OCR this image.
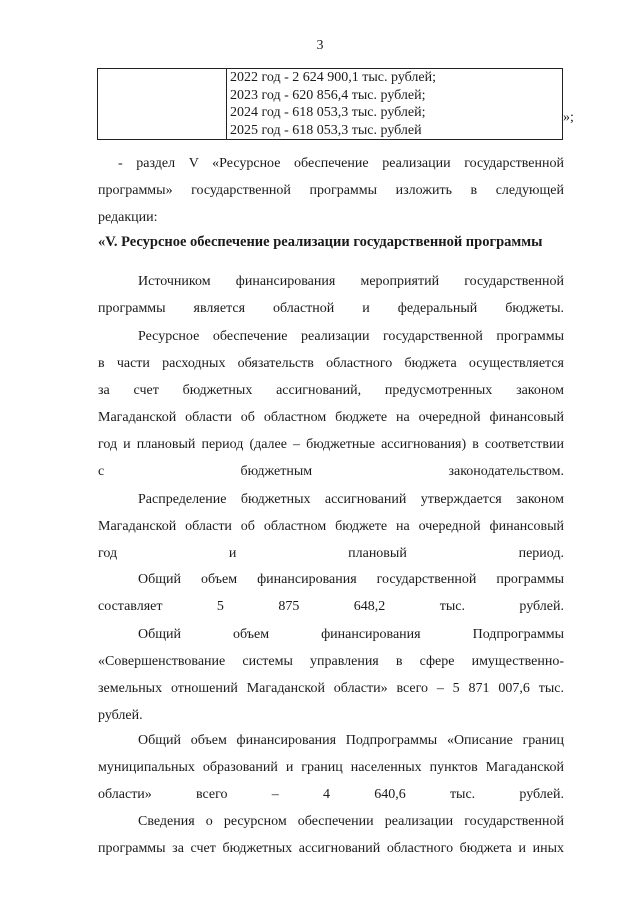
3

2022 год - 2 624 900,1 тыс. рублей;
2023 год - 620 856,4 тыс. рублей;
2024 год - 618 053,3 тыс. рублей;
2025 год - 618 053,3 тыс. рублей
»;
- раздел V «Ресурсное обеспечение реализации государственной
программы» государственной программы изложить в следующей
редакции:
«V. Ресурсное обеспечение реализации государственной программы
Источником финансирования мероприятий государственной
программы является областной и федеральный бюджеты.
Ресурсное обеспечение реализации государственной программы
в части расходных обязательств областного бюджета осуществляется
за счет бюджетных ассигнований, предусмотренных законом
Магаданской области об областном бюджете на очередной финансовый
год и плановый период (далее – бюджетные ассигнования) в соответствии
с бюджетным законодательством.
Распределение бюджетных ассигнований утверждается законом
Магаданской области об областном бюджете на очередной финансовый
год и плановый период.
Общий объем финансирования государственной программы
составляет 5 875 648,2 тыс. рублей.
Общий объем финансирования Подпрограммы
«Совершенствование системы управления в сфере имущественно-
земельных отношений Магаданской области» всего – 5 871 007,6 тыс.
рублей.
Общий объем финансирования Подпрограммы «Описание границ
муниципальных образований и границ населенных пунктов Магаданской
области» всего – 4 640,6 тыс. рублей.
Сведения о ресурсном обеспечении реализации государственной
программы за счет бюджетных ассигнований областного бюджета и иных
